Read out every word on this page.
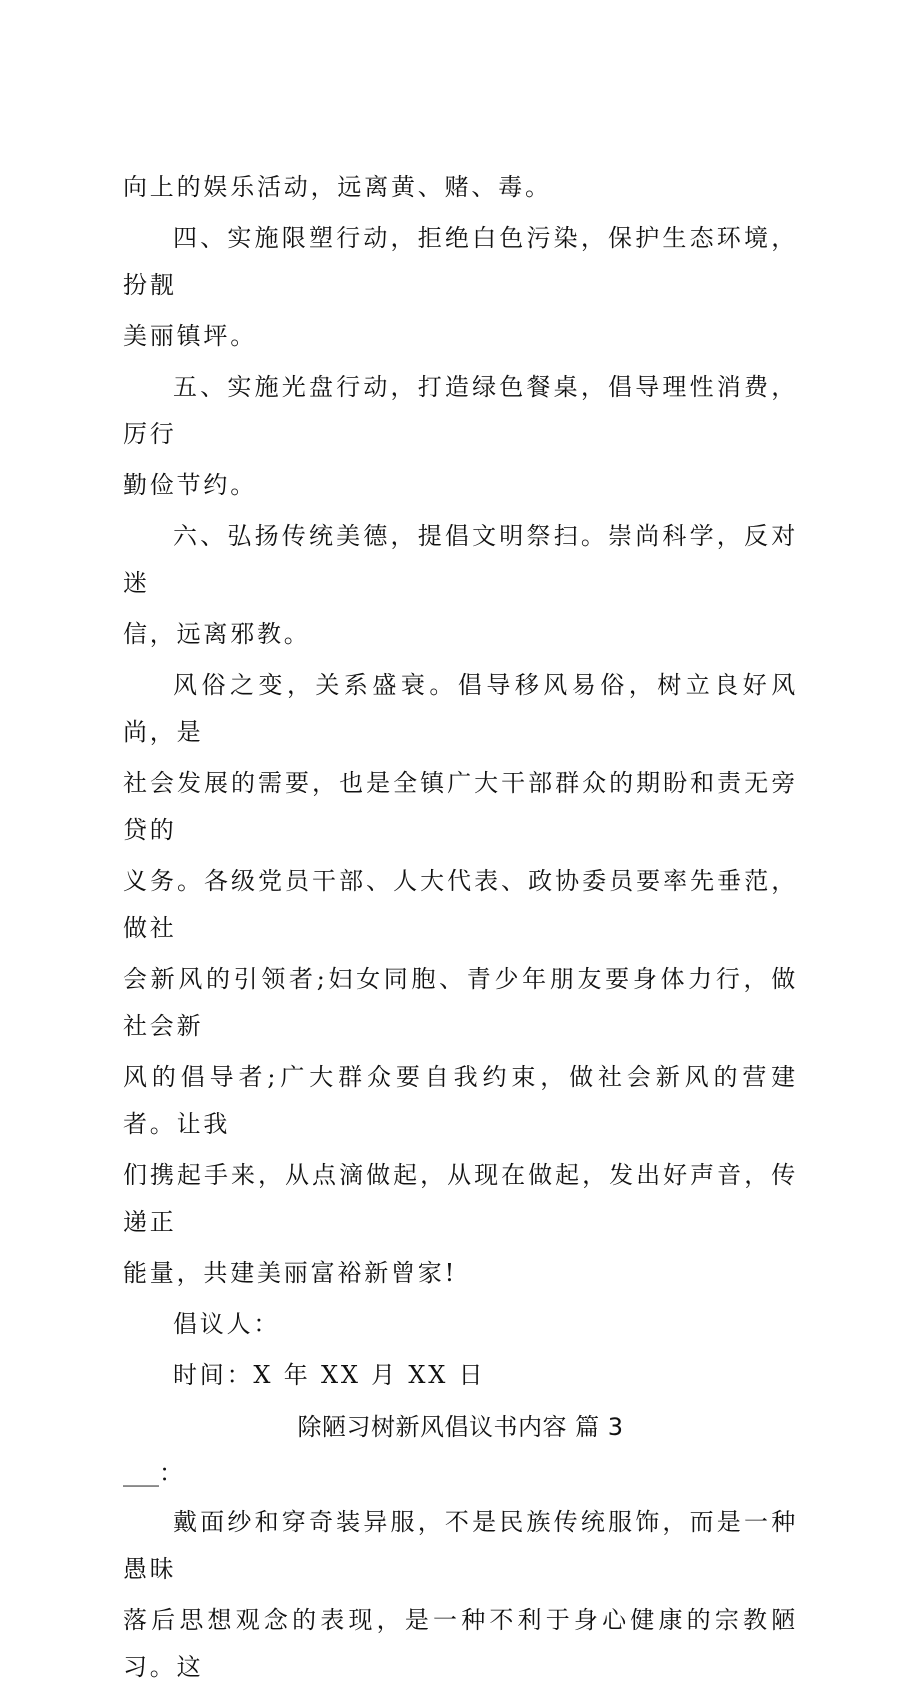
向上的娱乐活动，远离黄、赌、毒。
四、实施限塑行动，拒绝白色污染，保护生态环境，扮靓
美丽镇坪。
五、实施光盘行动，打造绿色餐桌，倡导理性消费，厉行
勤俭节约。
六、弘扬传统美德，提倡文明祭扫。崇尚科学，反对迷
信，远离邪教。
风俗之变，关系盛衰。倡导移风易俗，树立良好风尚，是
社会发展的需要，也是全镇广大干部群众的期盼和责无旁贷的
义务。各级党员干部、人大代表、政协委员要率先垂范，做社
会新风的引领者;妇女同胞、青少年朋友要身体力行，做社会新
风的倡导者;广大群众要自我约束，做社会新风的营建者。让我
们携起手来，从点滴做起，从现在做起，发出好声音，传递正
能量，共建美丽富裕新曾家!
倡议人：
时间：X 年 XX 月 XX 日
除陋习树新风倡议书内容 篇 3
___：
戴面纱和穿奇装异服，不是民族传统服饰，而是一种愚昧
落后思想观念的表现，是一种不利于身心健康的宗教陋习。这
